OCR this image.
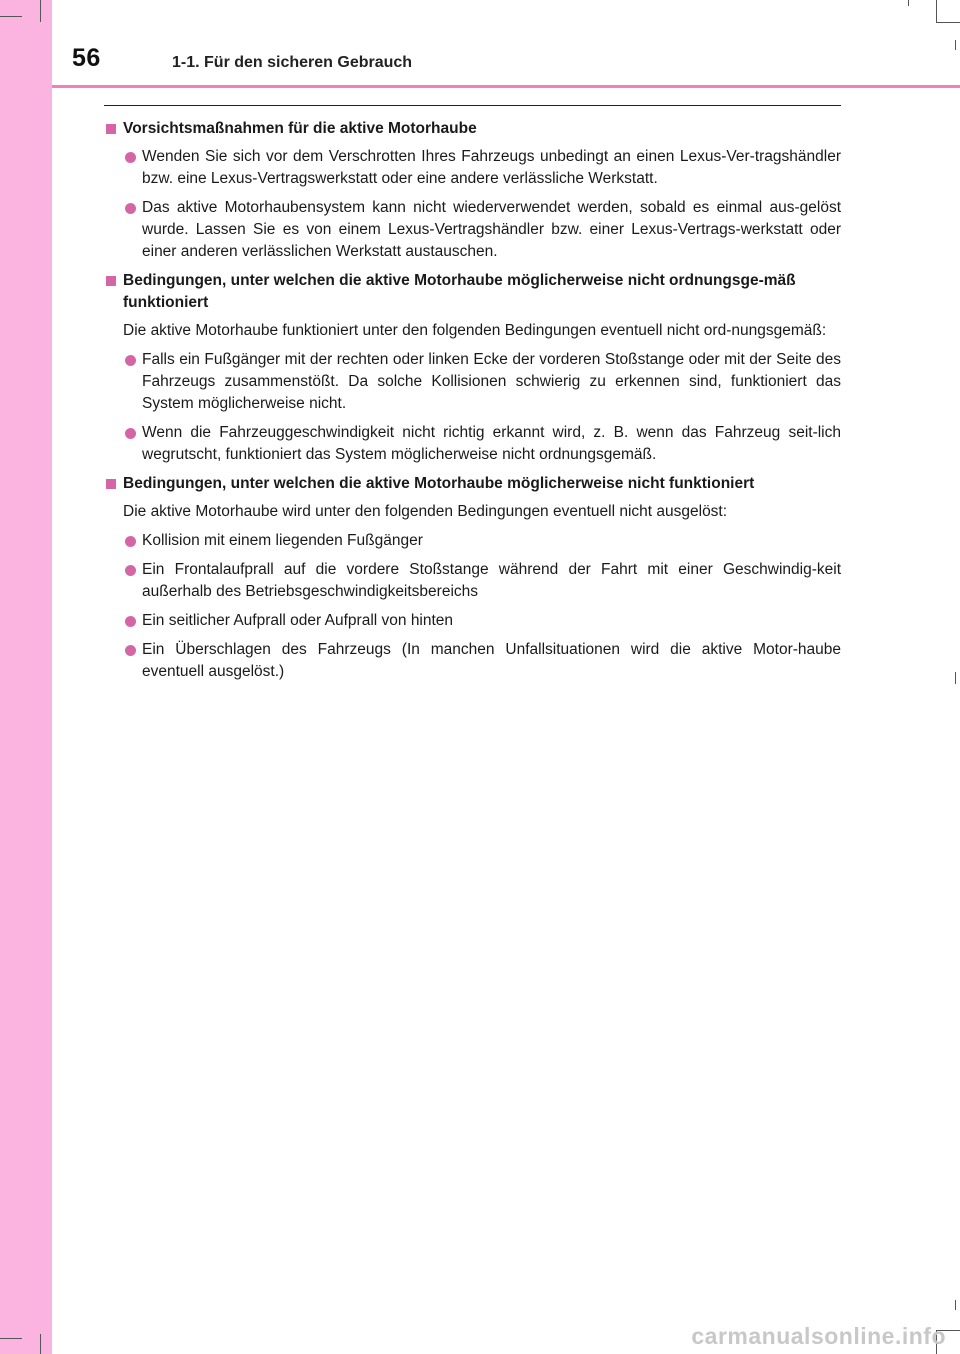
56	1-1. Für den sicheren Gebrauch
Vorsichtsmaßnahmen für die aktive Motorhaube
Wenden Sie sich vor dem Verschrotten Ihres Fahrzeugs unbedingt an einen Lexus-Ver-tragshändler bzw. eine Lexus-Vertragswerkstatt oder eine andere verlässliche Werkstatt.
Das aktive Motorhaubensystem kann nicht wiederverwendet werden, sobald es einmal aus-gelöst wurde. Lassen Sie es von einem Lexus-Vertragshändler bzw. einer Lexus-Vertrags-werkstatt oder einer anderen verlässlichen Werkstatt austauschen.
Bedingungen, unter welchen die aktive Motorhaube möglicherweise nicht ordnungsge-mäß funktioniert
Die aktive Motorhaube funktioniert unter den folgenden Bedingungen eventuell nicht ord-nungsgemäß:
Falls ein Fußgänger mit der rechten oder linken Ecke der vorderen Stoßstange oder mit der Seite des Fahrzeugs zusammenstößt. Da solche Kollisionen schwierig zu erkennen sind, funktioniert das System möglicherweise nicht.
Wenn die Fahrzeuggeschwindigkeit nicht richtig erkannt wird, z. B. wenn das Fahrzeug seit-lich wegrutscht, funktioniert das System möglicherweise nicht ordnungsgemäß.
Bedingungen, unter welchen die aktive Motorhaube möglicherweise nicht funktioniert
Die aktive Motorhaube wird unter den folgenden Bedingungen eventuell nicht ausgelöst:
Kollision mit einem liegenden Fußgänger
Ein Frontalaufprall auf die vordere Stoßstange während der Fahrt mit einer Geschwindig-keit außerhalb des Betriebsgeschwindigkeitsbereichs
Ein seitlicher Aufprall oder Aufprall von hinten
Ein Überschlagen des Fahrzeugs (In manchen Unfallsituationen wird die aktive Motor-haube eventuell ausgelöst.)
carmanualsonline.info
